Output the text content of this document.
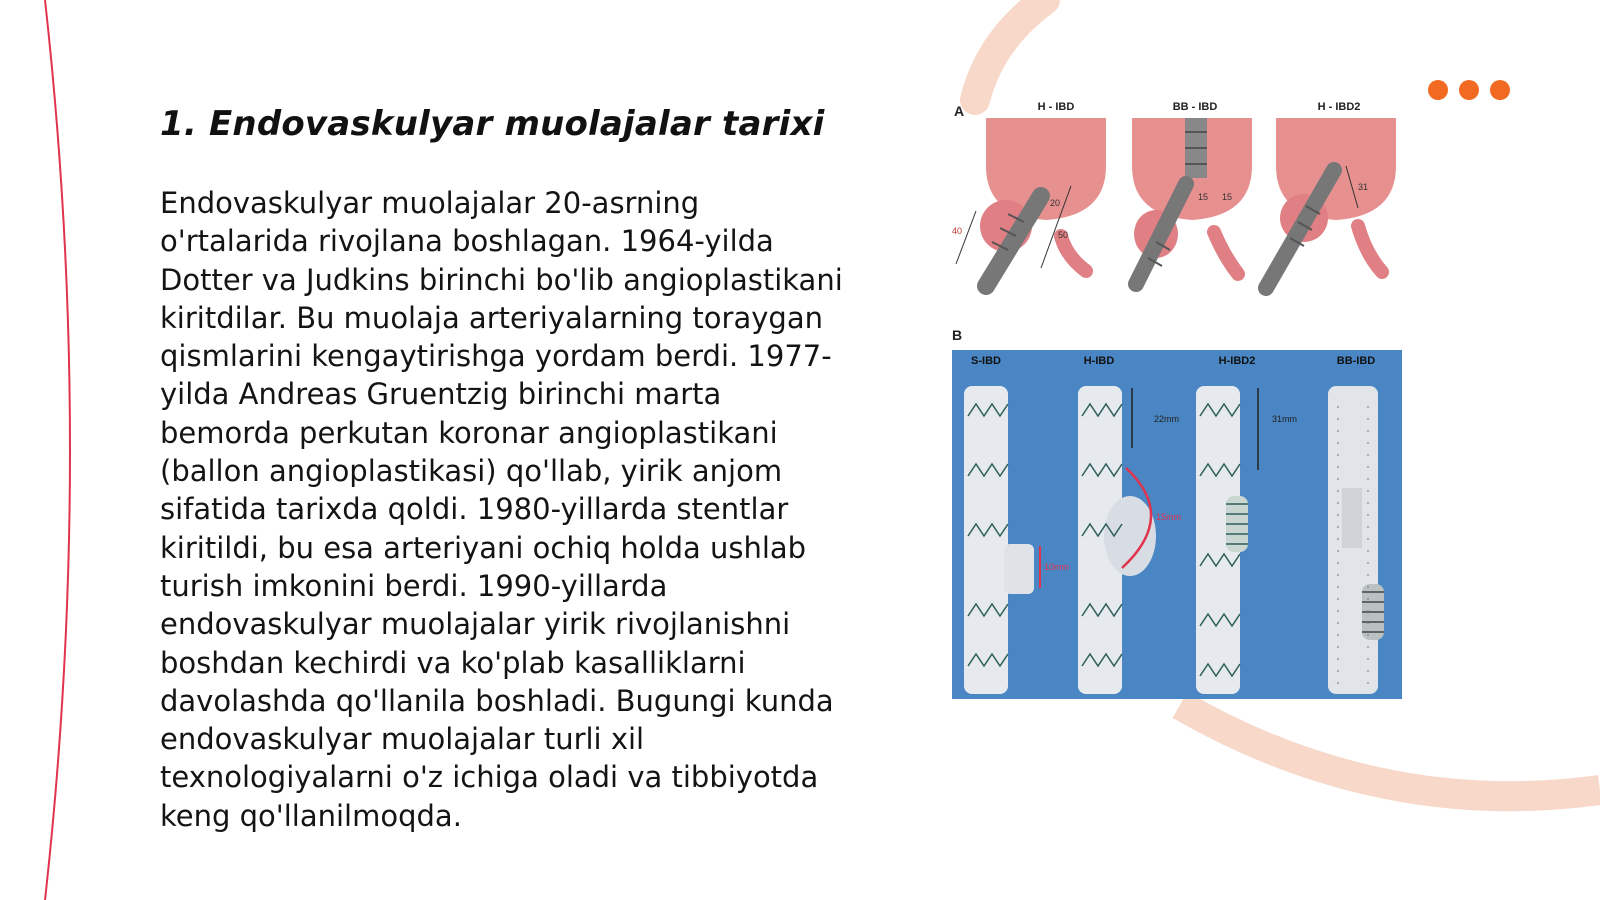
1. Endovaskulyar muolajalar tarixi

Endovaskulyar muolajalar 20-asrning o'rtalarida rivojlana boshlagan. 1964-yilda Dotter va Judkins birinchi bo'lib angioplastikani kiritdilar. Bu muolaja arteriyalarning toraygan qismlarini kengaytirishga yordam berdi. 1977-yilda Andreas Gruentzig birinchi marta bemorda perkutan koronar angioplastikani (ballon angioplastikasi) qo'llab, yirik anjom sifatida tarixda qoldi. 1980-yillarda stentlar kiritildi, bu esa arteriyani ochiq holda ushlab turish imkonini berdi. 1990-yillarda endovaskulyar muolajalar yirik rivojlanishni boshdan kechirdi va ko'plab kasalliklarni davolashda qo'llanila boshladi. Bugungi kunda endovaskulyar muolajalar turli xil texnologiyalarni o'z ichiga oladi va tibbiyotda keng qo'llanilmoqda.

A	H - IBD	BB - IBD	H - IBD2
40
20
50
15 15
31
B
S-IBD	H-IBD	H-IBD2	BB-IBD
10mm
22mm
15mm
31mm
